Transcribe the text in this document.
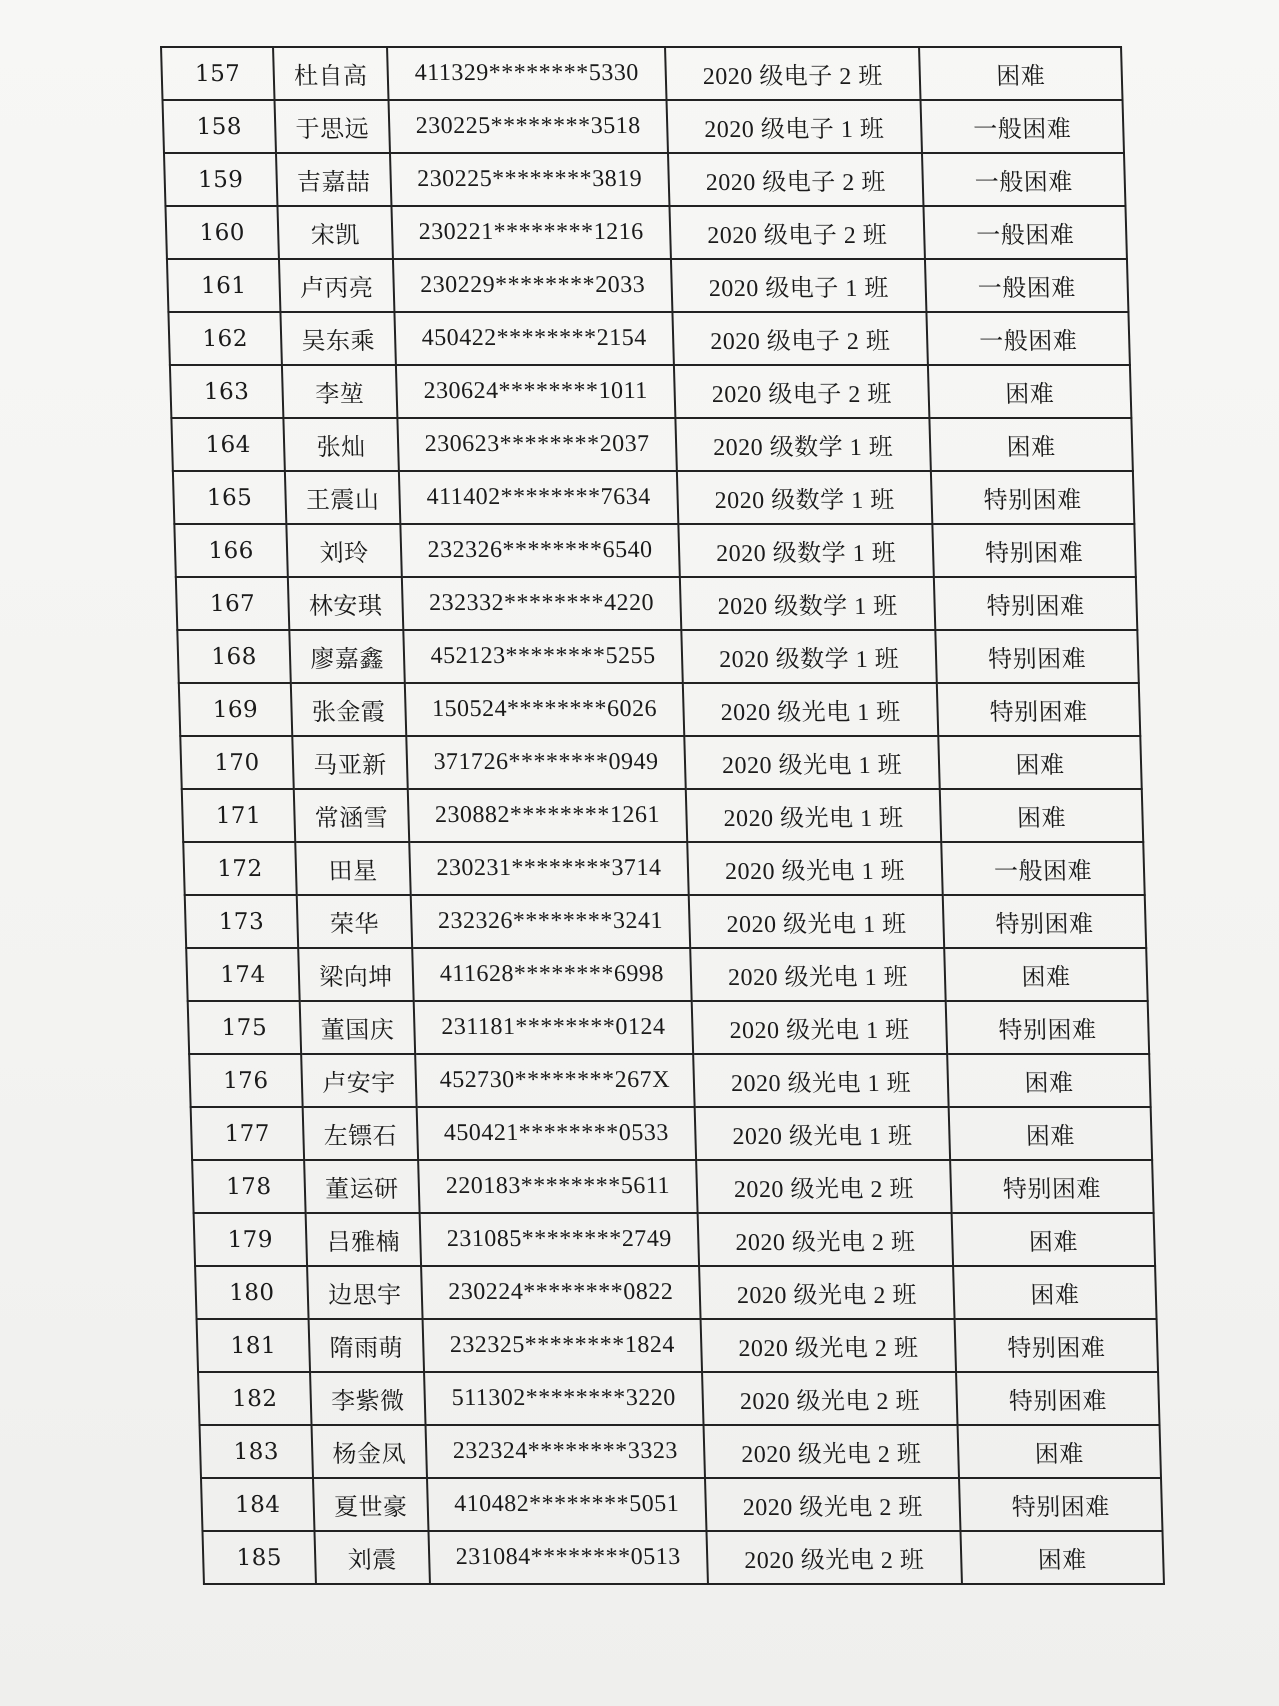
157	杜自高	411329********5330	2020 级电子 2 班	困难
158	于思远	230225********3518	2020 级电子 1 班	一般困难
159	吉嘉喆	230225********3819	2020 级电子 2 班	一般困难
160	宋凯	230221********1216	2020 级电子 2 班	一般困难
161	卢丙亮	230229********2033	2020 级电子 1 班	一般困难
162	吴东乘	450422********2154	2020 级电子 2 班	一般困难
163	李堃	230624********1011	2020 级电子 2 班	困难
164	张灿	230623********2037	2020 级数学 1 班	困难
165	王震山	411402********7634	2020 级数学 1 班	特别困难
166	刘玲	232326********6540	2020 级数学 1 班	特别困难
167	林安琪	232332********4220	2020 级数学 1 班	特别困难
168	廖嘉鑫	452123********5255	2020 级数学 1 班	特别困难
169	张金霞	150524********6026	2020 级光电 1 班	特别困难
170	马亚新	371726********0949	2020 级光电 1 班	困难
171	常涵雪	230882********1261	2020 级光电 1 班	困难
172	田星	230231********3714	2020 级光电 1 班	一般困难
173	荣华	232326********3241	2020 级光电 1 班	特别困难
174	梁向坤	411628********6998	2020 级光电 1 班	困难
175	董国庆	231181********0124	2020 级光电 1 班	特别困难
176	卢安宇	452730********267X	2020 级光电 1 班	困难
177	左镖石	450421********0533	2020 级光电 1 班	困难
178	董运研	220183********5611	2020 级光电 2 班	特别困难
179	吕雅楠	231085********2749	2020 级光电 2 班	困难
180	边思宇	230224********0822	2020 级光电 2 班	困难
181	隋雨萌	232325********1824	2020 级光电 2 班	特别困难
182	李紫微	511302********3220	2020 级光电 2 班	特别困难
183	杨金凤	232324********3323	2020 级光电 2 班	困难
184	夏世豪	410482********5051	2020 级光电 2 班	特别困难
185	刘震	231084********0513	2020 级光电 2 班	困难
